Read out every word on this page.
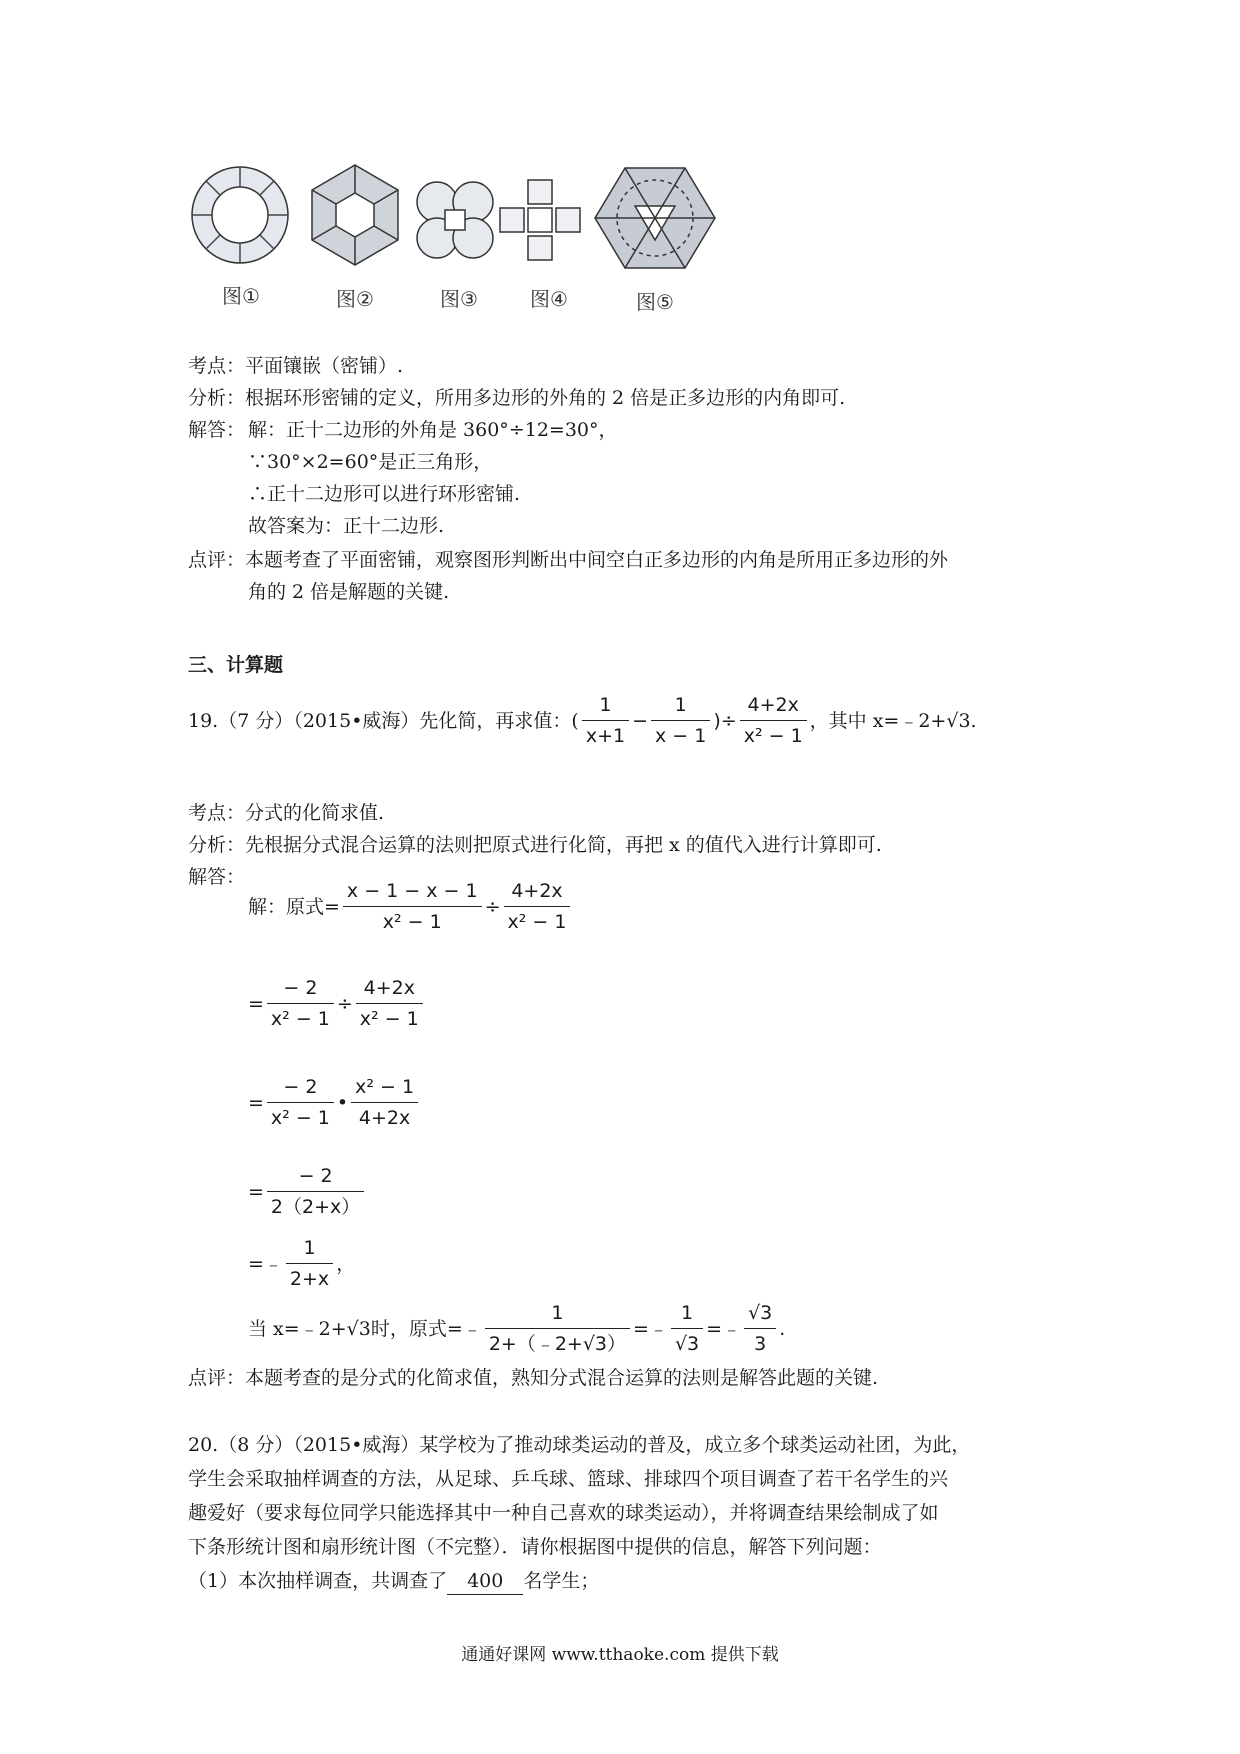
图①	图②	图③	图④	图⑤
考点：平面镶嵌（密铺）.
分析：根据环形密铺的定义，所用多边形的外角的 2 倍是正多边形的内角即可.
解答： 解：正十二边形的外角是 360°÷12=30°，
∵30°×2=60°是正三角形，
∴正十二边形可以进行环形密铺.
故答案为：正十二边形.
点评：本题考查了平面密铺，观察图形判断出中间空白正多边形的内角是所用正多边形的外
角的 2 倍是解题的关键.
三、计算题
19.（7 分）（2015•威海）先化简，再求值：( $\frac{1}{x+1} - \frac{1}{x - 1}$ )÷ $\frac{4+2x}{\text{x² − 1}}$ ，其中 x=﹣2+√3.
考点：分式的化简求值.
分析：先根据分式混合运算的法则把原式进行化简，再把 x 的值代入进行计算即可.
解答：
解：原式= $\frac{x - 1 - x - 1}{\text{x² − 1}} \div \frac{4+2x}{\text{x² − 1}}$
= $\frac{- 2}{\text{x² − 1}} \div \frac{4+2x}{\text{x² − 1}}$
= $\frac{- 2}{\text{x² − 1}}$ • $\frac{\text{x² − 1}}{4+2x}$
= $\frac{- 2}{2(2+x)}$
=﹣ $\frac{1}{2+x}$ ，
当 x=﹣2+√3时，原式=﹣ $\frac{1}{2+(﹣2+√3)}$ =﹣ $\frac{1}{√3}$ =﹣ $\frac{√3}{3}$ .
点评：本题考查的是分式的化简求值，熟知分式混合运算的法则是解答此题的关键.
20.（8 分）（2015•威海）某学校为了推动球类运动的普及，成立多个球类运动社团，为此，
学生会采取抽样调查的方法，从足球、乒乓球、篮球、排球四个项目调查了若干名学生的兴
趣爱好（要求每位同学只能选择其中一种自己喜欢的球类运动），并将调查结果绘制成了如
下条形统计图和扇形统计图（不完整）．请你根据图中提供的信息，解答下列问题：
（1）本次抽样调查，共调查了 400 名学生；
通通好课网 www.tthaoke.com 提供下载
